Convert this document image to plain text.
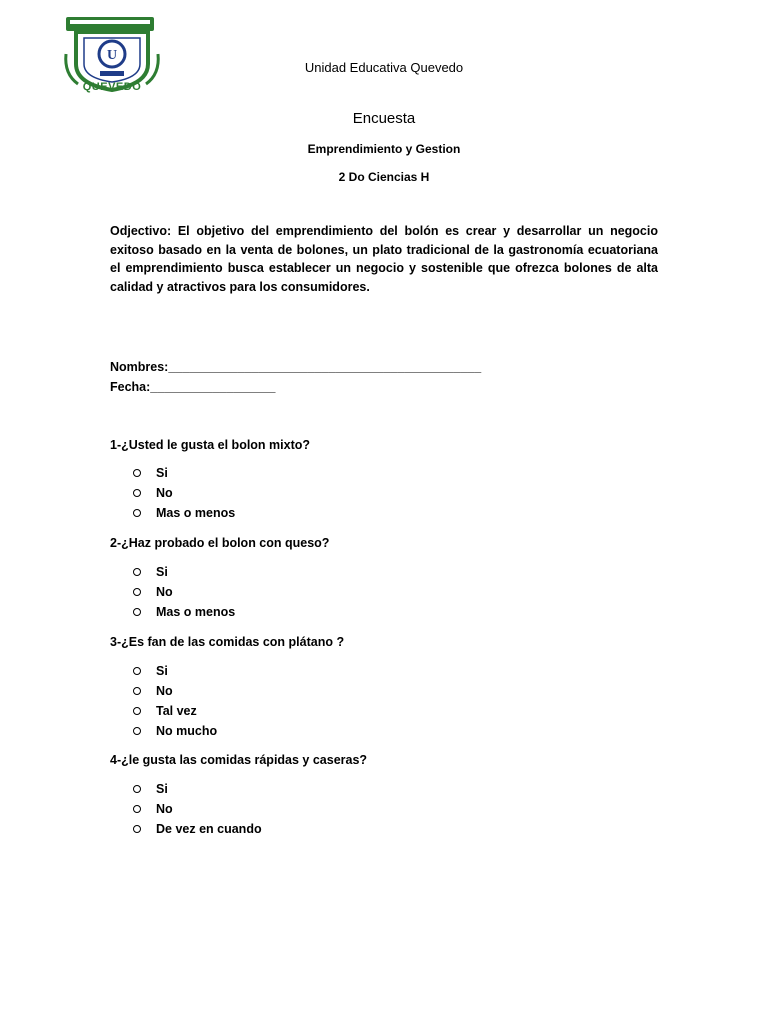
U
QUEVEDO
Unidad Educativa Quevedo
Encuesta
Emprendimiento y Gestion
2 Do Ciencias H
Odjectivo: El objetivo del emprendimiento del bolón es crear y desarrollar un negocio exitoso basado en la venta de bolones, un plato tradicional de la gastronomía ecuatoriana el emprendimiento busca establecer un negocio y sostenible que ofrezca bolones de alta calidad y atractivos para los consumidores.
Nombres:_____________________________________________
Fecha:__________________
1-¿Usted le gusta el bolon mixto?
Si
No
Mas o menos
2-¿Haz probado el bolon con queso?
Si
No
Mas o menos
3-¿Es fan de las comidas con plátano ?
Si
No
Tal vez
No mucho
4-¿le gusta las comidas rápidas y caseras?
Si
No
De vez en cuando
